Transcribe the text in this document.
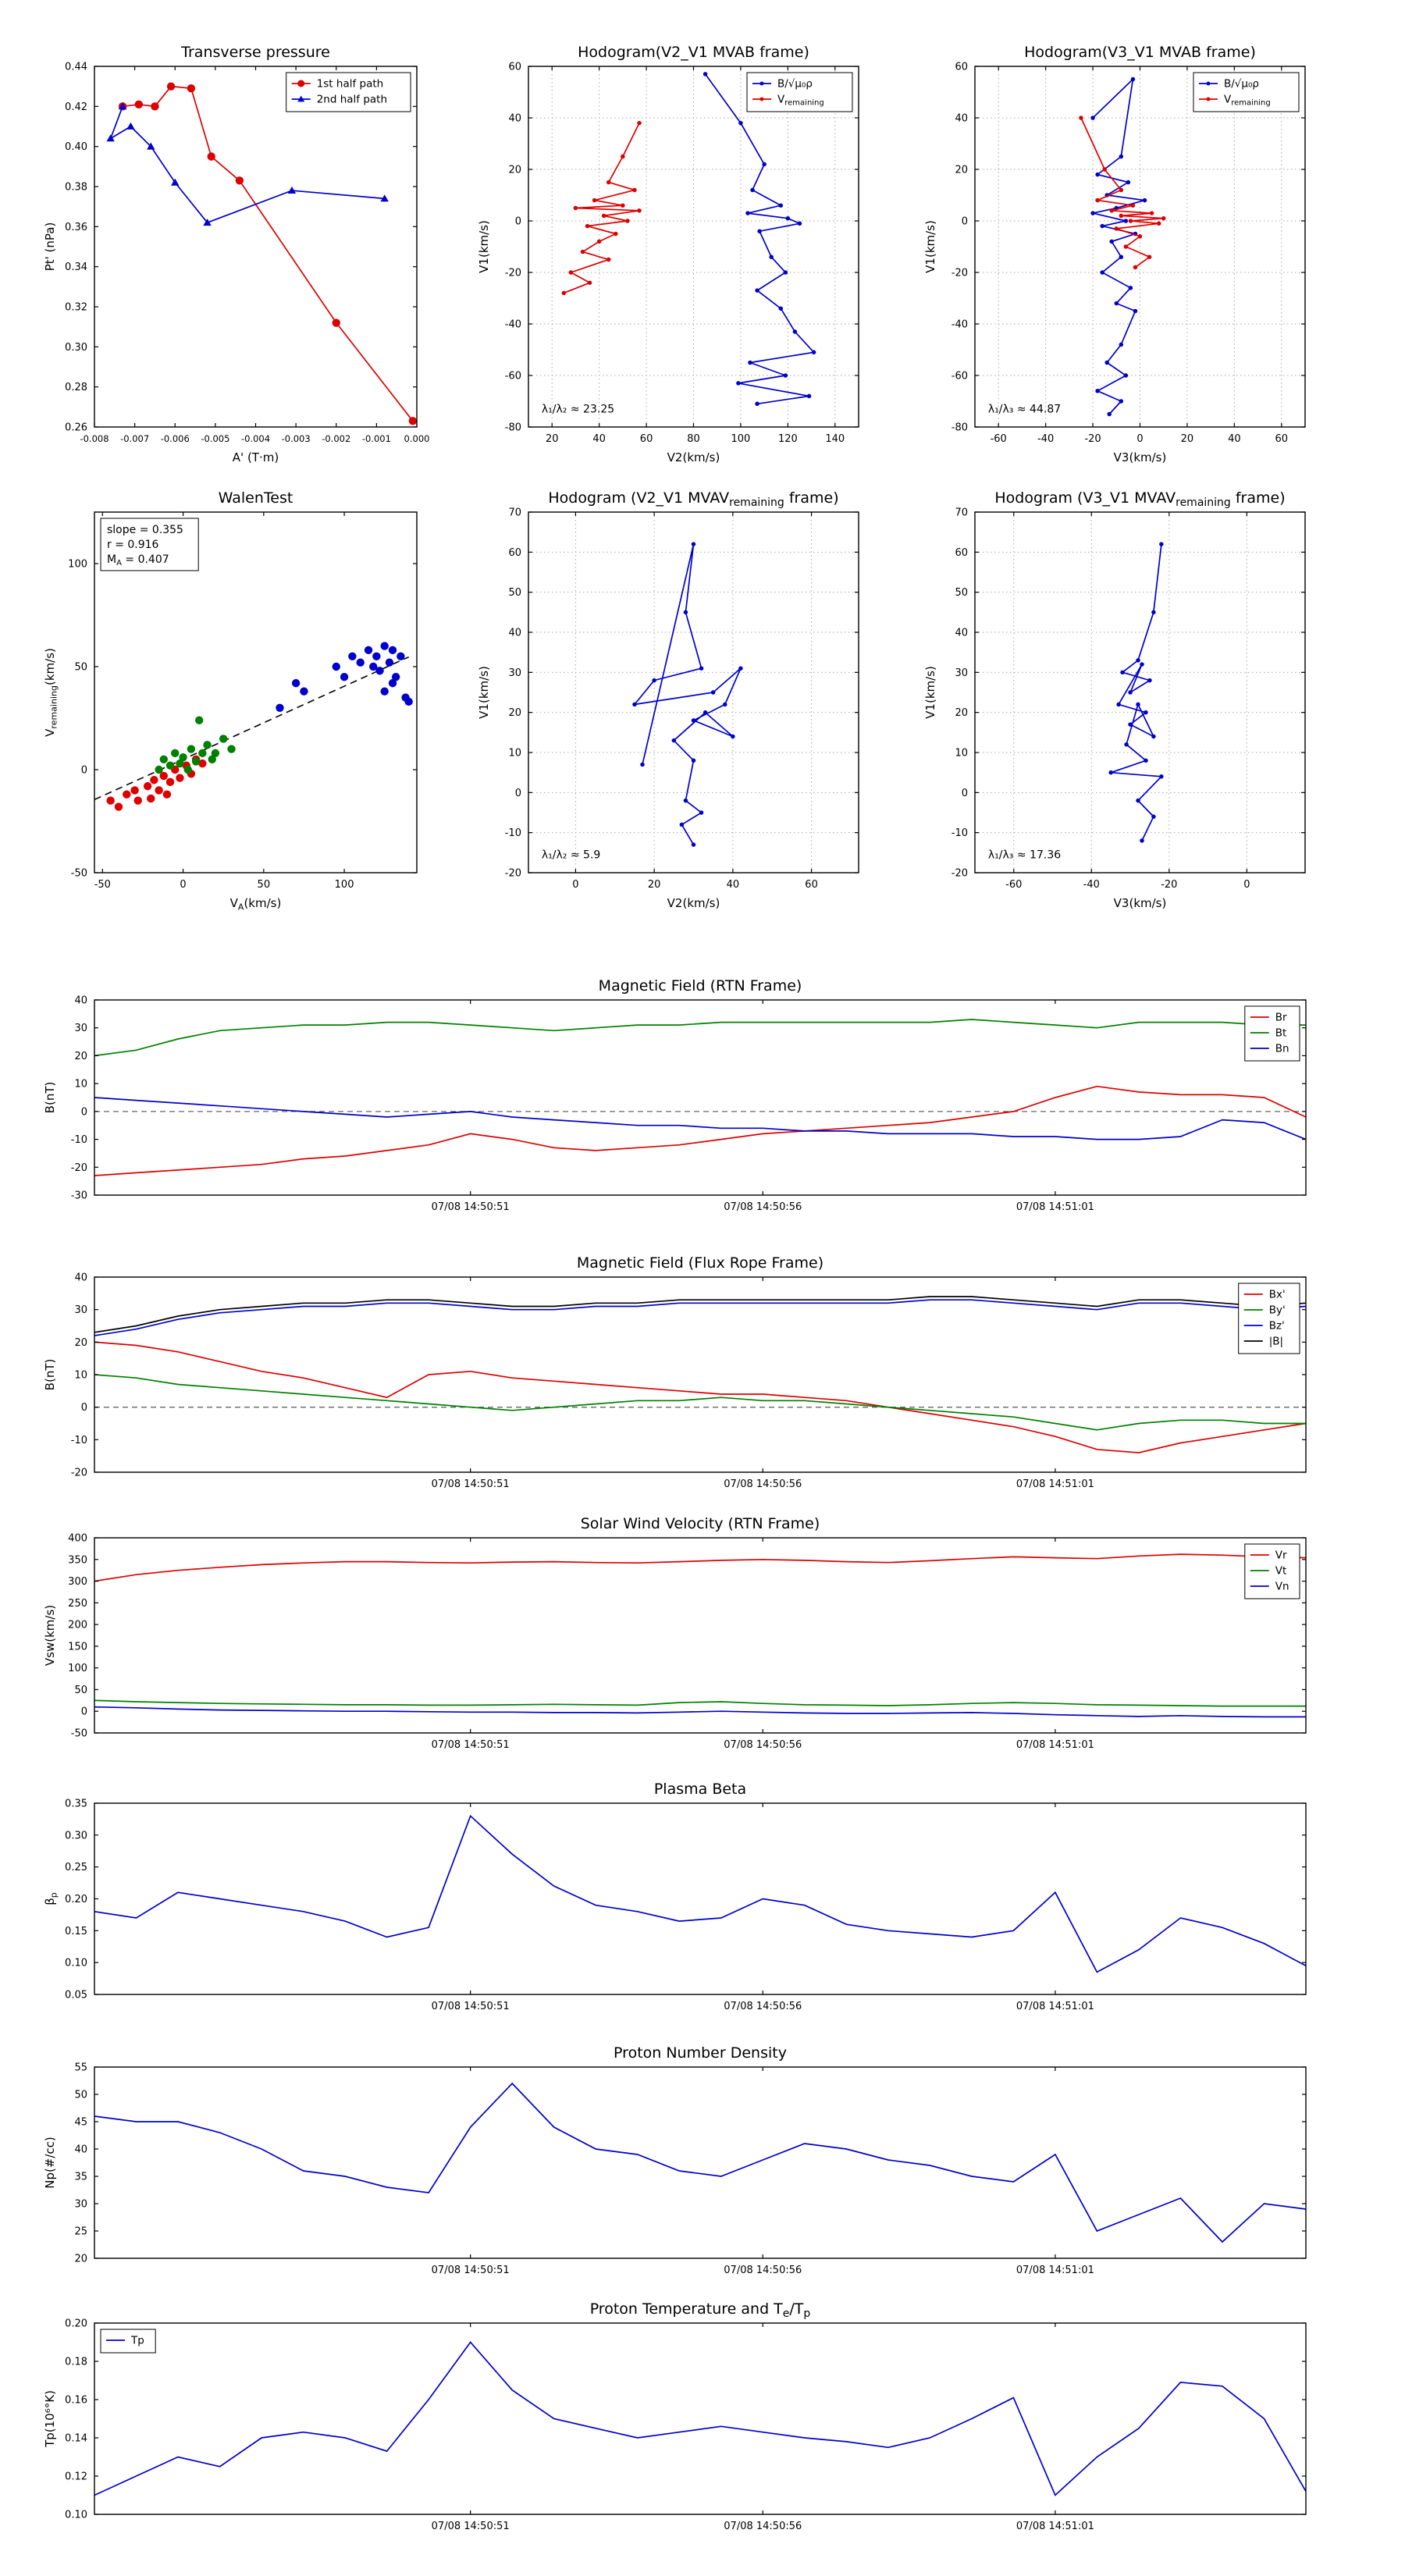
-0.008 -0.007 -0.006 -0.005 -0.004 -0.003 -0.002 -0.001 0.000
0.26
0.28
0.30
0.32
0.34
0.36
0.38
0.40
0.42
0.44
Transverse pressure
A' (T·m)
Pt' (nPa)
1st half path
2nd half path
20	40	60	80	100	120	140
-80
-60
-40
-20
0
20
40
60
Hodogram(V2_V1 MVAB frame)
V2(km/s)
V1(km/s)
B/√μ₀ρ
$V_{remaining}$
λ₁/λ₂ ≈ 23.25
-60	-40	-20	0	20	40	60
-80
-60
-40
-20
0
20
40
60
Hodogram(V3_V1 MVAB frame)
V3(km/s)
V1(km/s)
B/√μ₀ρ
$V_{remaining}$
λ₁/λ₃ ≈ 44.87
-50	0	50	100
-50
0
50
100
WalenTest
$V_A(km/s)$
$V_{remaining}(km/s)$
slope = 0.355
r = 0.916
$M_A = 0.407$
0	20	40	60
-20
-10
0
10
20
30
40
50
60
70
Hodogram (V2_V1 $MVAV_{remaining}$ frame)
V2(km/s)
V1(km/s)
λ₁/λ₂ ≈ 5.9
-60	-40	-20	0
-20
-10
0
10
20
30
40
50
60
70
Hodogram (V3_V1 $MVAV_{remaining}$ frame)
V3(km/s)
V1(km/s)
λ₁/λ₃ ≈ 17.36
07/08 14:50:51	07/08 14:50:56	07/08 14:51:01
-30
-20
-10
0
10
20
30
40
Magnetic Field (RTN Frame)
B(nT)
Br
Bt
Bn
07/08 14:50:51	07/08 14:50:56	07/08 14:51:01
-20
-10
0
10
20
30
40
Magnetic Field (Flux Rope Frame)
B(nT)
Bx'
By'
Bz'
|B|
07/08 14:50:51	07/08 14:50:56	07/08 14:51:01
-50
0
50
100
150
200
250
300
350
400
Solar Wind Velocity (RTN Frame)
Vsw(km/s)
Vr
Vt
Vn
07/08 14:50:51	07/08 14:50:56	07/08 14:51:01
0.05
0.10
0.15
0.20
0.25
0.30
0.35
Plasma Beta
$\beta_p$
07/08 14:50:51	07/08 14:50:56	07/08 14:51:01
20
25
30
35
40
45
50
55
Proton Number Density
Np(#/cc)
07/08 14:50:51	07/08 14:50:56	07/08 14:51:01
0.10
0.12
0.14
0.16
0.18
0.20
Proton Temperature and $T_e/T_p$
Tp(10⁶°K)
Tp
